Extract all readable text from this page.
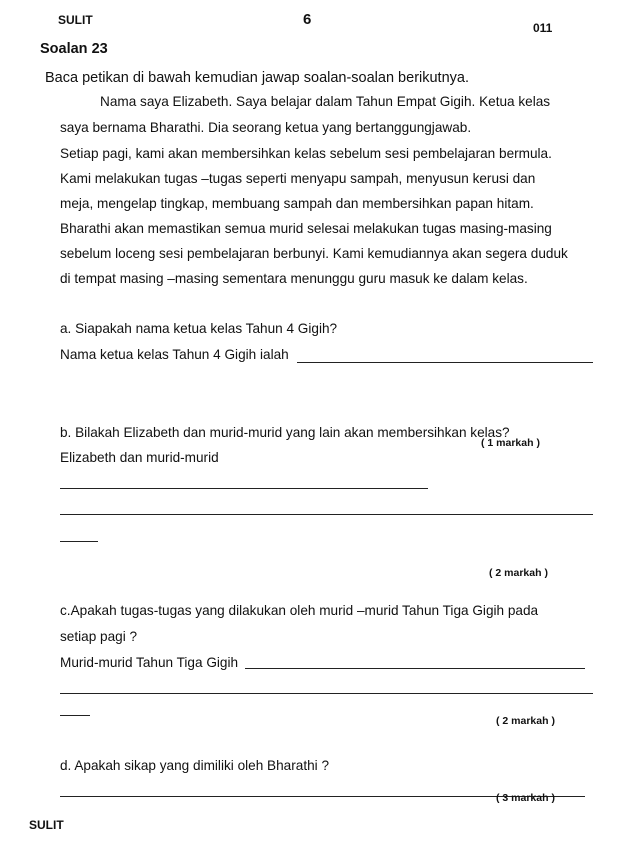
SULIT	6	011
Soalan 23
Baca petikan di bawah kemudian jawap soalan-soalan berikutnya.
Nama saya Elizabeth. Saya belajar dalam Tahun Empat Gigih. Ketua kelas
saya bernama Bharathi. Dia seorang ketua yang bertanggungjawab.
Setiap pagi, kami akan membersihkan kelas sebelum sesi pembelajaran bermula.
Kami melakukan tugas –tugas seperti menyapu sampah, menyusun kerusi dan
meja, mengelap tingkap, membuang sampah dan membersihkan papan hitam.
Bharathi akan memastikan semua murid selesai melakukan tugas masing-masing
sebelum loceng sesi pembelajaran berbunyi. Kami kemudiannya akan segera duduk
di tempat masing –masing sementara menunggu guru masuk ke dalam kelas.
a. Siapakah nama ketua kelas Tahun 4 Gigih?
Nama ketua kelas Tahun 4 Gigih ialah
b. Bilakah Elizabeth dan murid-murid yang lain akan membersihkan kelas?
( 1 markah )
Elizabeth dan murid-murid
( 2 markah )
c.Apakah tugas-tugas yang dilakukan oleh murid –murid Tahun Tiga Gigih pada
setiap pagi ?
Murid-murid Tahun Tiga Gigih
( 2 markah )
d. Apakah sikap yang dimiliki oleh Bharathi ?
( 3 markah )
SULIT
